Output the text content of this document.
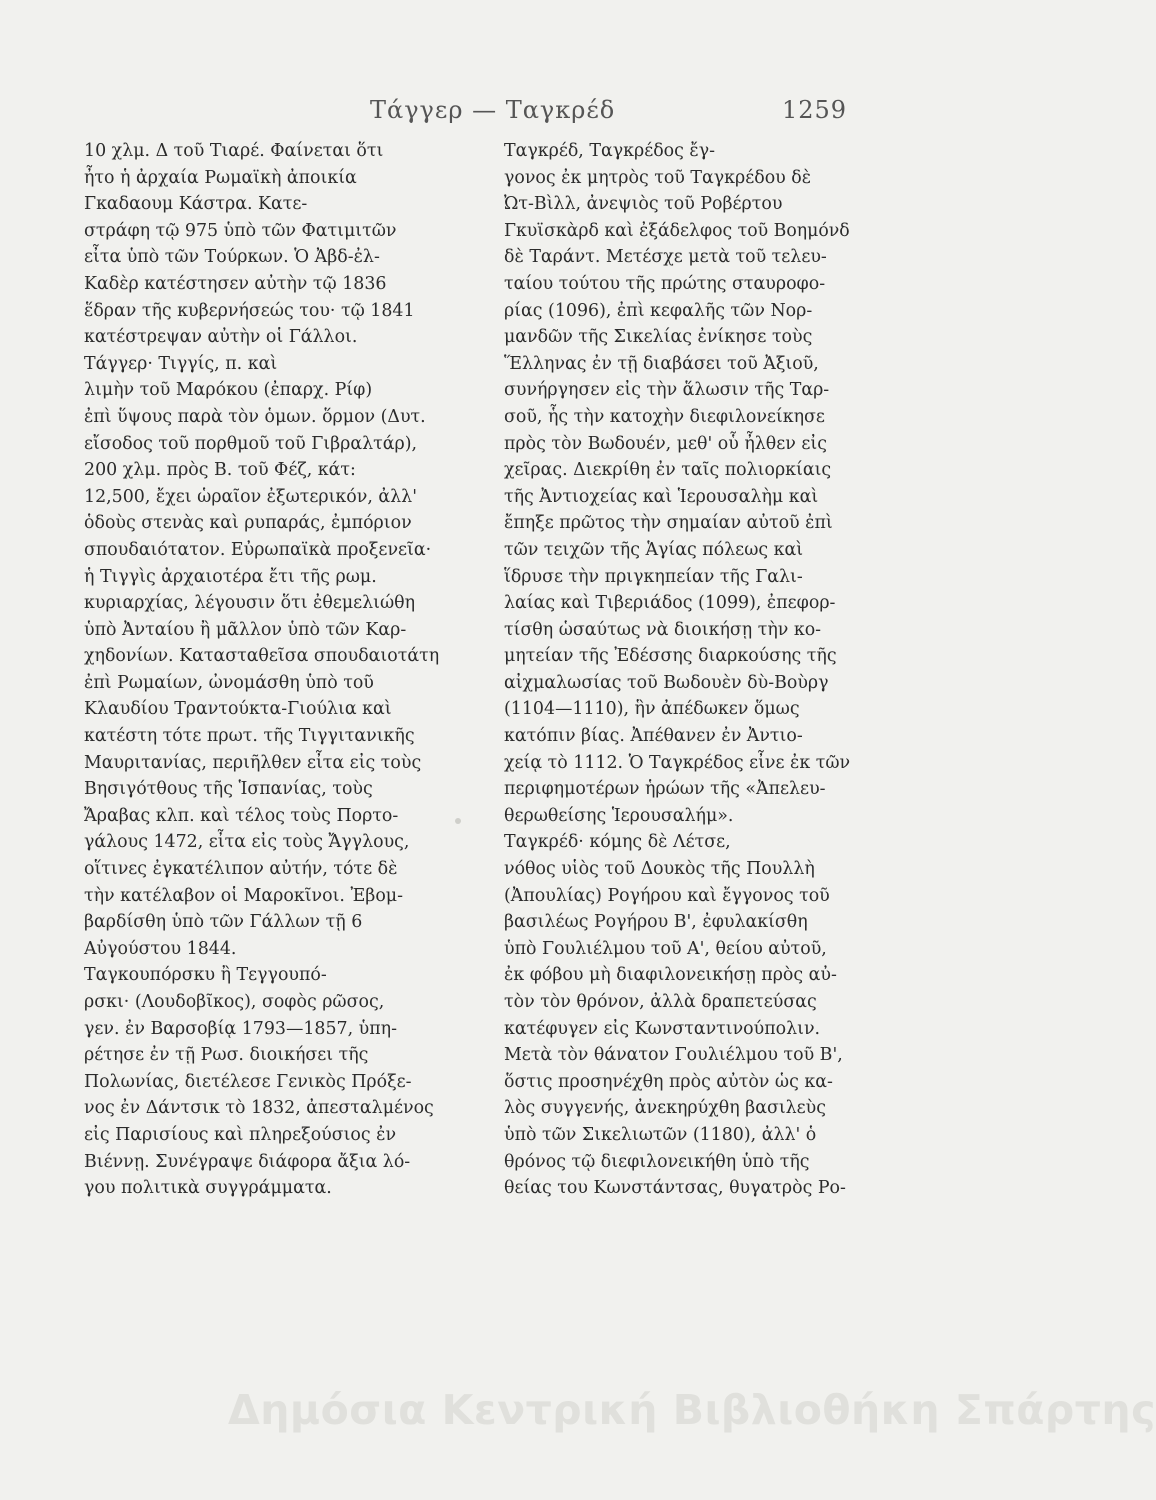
Τάγγερ — Ταγκρέδ	1259
10 χλμ. Δ τοῦ Τιαρέ. Φαίνεται ὅτι
ἦτο ἡ ἀρχαία Ρωμαϊκὴ ἀποικία
Γκαδαουμ Κάστρα. Κατε-
στράφη τῷ 975 ὑπὸ τῶν Φατιμιτῶν
εἶτα ὑπὸ τῶν Τούρκων. Ὁ Ἀβδ-ἐλ-
Καδὲρ κατέστησεν αὐτὴν τῷ 1836
ἕδραν τῆς κυβερνήσεώς του· τῷ 1841
κατέστρεψαν αὐτὴν οἱ Γάλλοι.
Τάγγερ· Τιγγίς, π. καὶ
λιμὴν τοῦ Μαρόκου (ἐπαρχ. Ρίφ)
ἐπὶ ὕψους παρὰ τὸν ὁμων. ὅρμον (Δυτ.
εἴσοδος τοῦ πορθμοῦ τοῦ Γιβραλτάρ),
200 χλμ. πρὸς Β. τοῦ Φέζ, κάτ:
12,500, ἔχει ὡραῖον ἐξωτερικόν, ἀλλ'
ὁδοὺς στενὰς καὶ ρυπαράς, ἐμπόριον
σπουδαιότατον. Εὐρωπαϊκὰ προξενεῖα·
ἡ Τιγγὶς ἀρχαιοτέρα ἔτι τῆς ρωμ.
κυριαρχίας, λέγουσιν ὅτι ἐθεμελιώθη
ὑπὸ Ἀνταίου ἢ μᾶλλον ὑπὸ τῶν Καρ-
χηδονίων. Κατασταθεῖσα σπουδαιοτάτη
ἐπὶ Ρωμαίων, ὠνομάσθη ὑπὸ τοῦ
Κλαυδίου Τραντούκτα-Γιούλια καὶ
κατέστη τότε πρωτ. τῆς Τιγγιτανικῆς
Μαυριτανίας, περιῆλθεν εἶτα εἰς τοὺς
Βησιγότθους τῆς Ἱσπανίας, τοὺς
Ἄραβας κλπ. καὶ τέλος τοὺς Πορτο-
γάλους 1472, εἶτα εἰς τοὺς Ἄγγλους,
οἵτινες ἐγκατέλιπον αὐτήν, τότε δὲ
τὴν κατέλαβον οἱ Μαροκῖνοι. Ἐβομ-
βαρδίσθη ὑπὸ τῶν Γάλλων τῇ 6
Αὐγούστου 1844.
Ταγκουπόρσκυ ἢ Τεγγουπό-
ρσκι· (Λουδοβῖκος), σοφὸς ρῶσος,
γεν. ἐν Βαρσοβίᾳ 1793—1857, ὑπη-
ρέτησε ἐν τῇ Ρωσ. διοικήσει τῆς
Πολωνίας, διετέλεσε Γενικὸς Πρόξε-
νος ἐν Δάντσικ τὸ 1832, ἀπεσταλμένος
εἰς Παρισίους καὶ πληρεξούσιος ἐν
Βιέννῃ. Συνέγραψε διάφορα ἄξια λό-
γου πολιτικὰ συγγράμματα.
Ταγκρέδ, Ταγκρέδος ἔγ-
γονος ἐκ μητρὸς τοῦ Ταγκρέδου δὲ
Ὠτ-Βὶλλ, ἀνεψιὸς τοῦ Ροβέρτου
Γκυϊσκὰρδ καὶ ἐξάδελφος τοῦ Βοημόνδ
δὲ Ταράντ. Μετέσχε μετὰ τοῦ τελευ-
ταίου τούτου τῆς πρώτης σταυροφο-
ρίας (1096), ἐπὶ κεφαλῆς τῶν Νορ-
μανδῶν τῆς Σικελίας ἐνίκησε τοὺς
Ἕλληνας ἐν τῇ διαβάσει τοῦ Ἀξιοῦ,
συνήργησεν εἰς τὴν ἅλωσιν τῆς Ταρ-
σοῦ, ἧς τὴν κατοχὴν διεφιλονείκησε
πρὸς τὸν Βωδουέν, μεθ' οὗ ἦλθεν εἰς
χεῖρας. Διεκρίθη ἐν ταῖς πολιορκίαις
τῆς Ἀντιοχείας καὶ Ἱερουσαλὴμ καὶ
ἔπηξε πρῶτος τὴν σημαίαν αὐτοῦ ἐπὶ
τῶν τειχῶν τῆς Ἁγίας πόλεως καὶ
ἵδρυσε τὴν πριγκηπείαν τῆς Γαλι-
λαίας καὶ Τιβεριάδος (1099), ἐπεφορ-
τίσθη ὡσαύτως νὰ διοικήσῃ τὴν κο-
μητείαν τῆς Ἐδέσσης διαρκούσης τῆς
αἰχμαλωσίας τοῦ Βωδουὲν δὺ-Βοὺργ
(1104—1110), ἣν ἀπέδωκεν ὅμως
κατόπιν βίας. Ἀπέθανεν ἐν Ἀντιο-
χείᾳ τὸ 1112. Ὁ Ταγκρέδος εἶνε ἐκ τῶν
περιφημοτέρων ἡρώων τῆς «Ἀπελευ-
θερωθείσης Ἱερουσαλήμ».
Ταγκρέδ· κόμης δὲ Λέτσε,
νόθος υἱὸς τοῦ Δουκὸς τῆς Πουλλὴ
(Ἀπουλίας) Ρογήρου καὶ ἔγγονος τοῦ
βασιλέως Ρογήρου Β', ἐφυλακίσθη
ὑπὸ Γουλιέλμου τοῦ Α', θείου αὐτοῦ,
ἐκ φόβου μὴ διαφιλονεικήσῃ πρὸς αὐ-
τὸν τὸν θρόνον, ἀλλὰ δραπετεύσας
κατέφυγεν εἰς Κωνσταντινούπολιν.
Μετὰ τὸν θάνατον Γουλιέλμου τοῦ Β',
ὅστις προσηνέχθη πρὸς αὐτὸν ὡς κα-
λὸς συγγενής, ἀνεκηρύχθη βασιλεὺς
ὑπὸ τῶν Σικελιωτῶν (1180), ἀλλ' ὁ
θρόνος τῷ διεφιλονεικήθη ὑπὸ τῆς
θείας του Κωνστάντσας, θυγατρὸς Ρο-
Δημόσια Κεντρική Βιβλιοθήκη Σπάρτης
